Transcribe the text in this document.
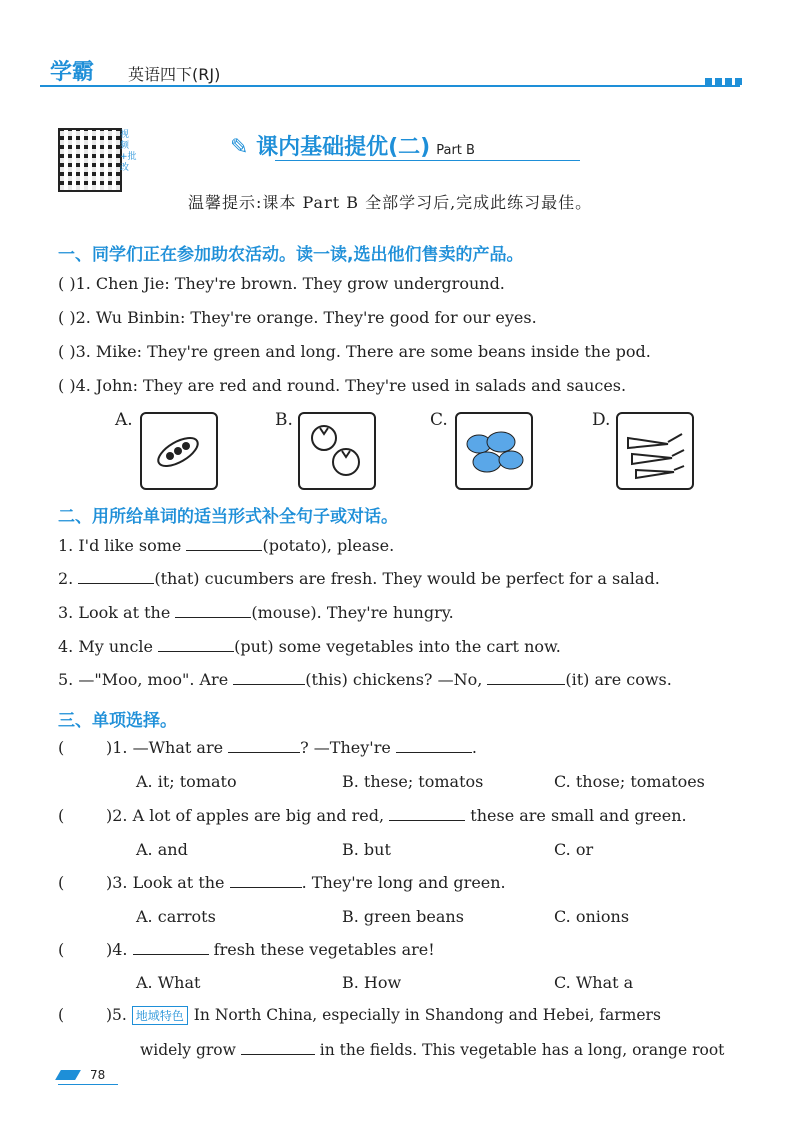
学霸 英语四下(RJ)
视频+批改
✎ 课内基础提优(二) Part B
温馨提示:课本 Part B 全部学习后,完成此练习最佳。
一、同学们正在参加助农活动。读一读,选出他们售卖的产品。
( )1. Chen Jie: They're brown. They grow underground.
( )2. Wu Binbin: They're orange. They're good for our eyes.
( )3. Mike: They're green and long. There are some beans inside the pod.
( )4. John: They are red and round. They're used in salads and sauces.
A.	B.	C.	D.
二、用所给单词的适当形式补全句子或对话。
1. I'd like some	(potato), please.
2.	(that) cucumbers are fresh. They would be perfect for a salad.
3. Look at the	(mouse). They're hungry.
4. My uncle	(put) some vegetables into the cart now.
5. —"Moo, moo". Are	(this) chickens? —No,	(it) are cows.
三、单项选择。
(	)1. —What are	? —They're	.
A. it; tomato	B. these; tomatos	C. those; tomatoes
(	)2. A lot of apples are big and red,	these are small and green.
A. and	B. but	C. or
(	)3. Look at the	. They're long and green.
A. carrots	B. green beans	C. onions
(	)4.	fresh these vegetables are!
A. What	B. How	C. What a
(	)5. 地域特色 In North China, especially in Shandong and Hebei, farmers
widely grow	in the fields. This vegetable has a long, orange root
78
